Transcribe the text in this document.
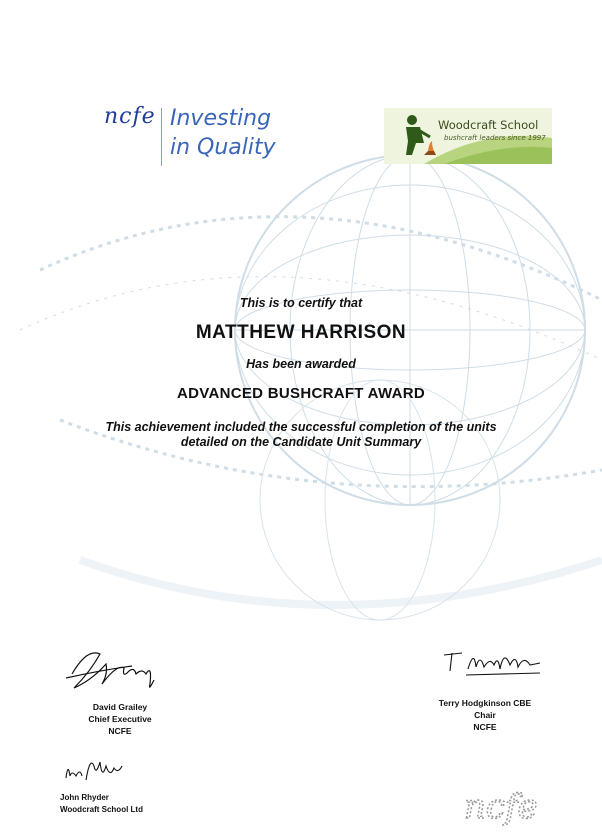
ncfe Investing
in Quality
Woodcraft School
bushcraft leaders since 1997
This is to certify that
MATTHEW HARRISON
Has been awarded
ADVANCED BUSHCRAFT AWARD
This achievement included the successful completion of the units
detailed on the Candidate Unit Summary
David Grailey
Chief Executive
NCFE
Terry Hodgkinson CBE
Chair
NCFE
John Rhyder
Woodcraft School Ltd	ncfe
